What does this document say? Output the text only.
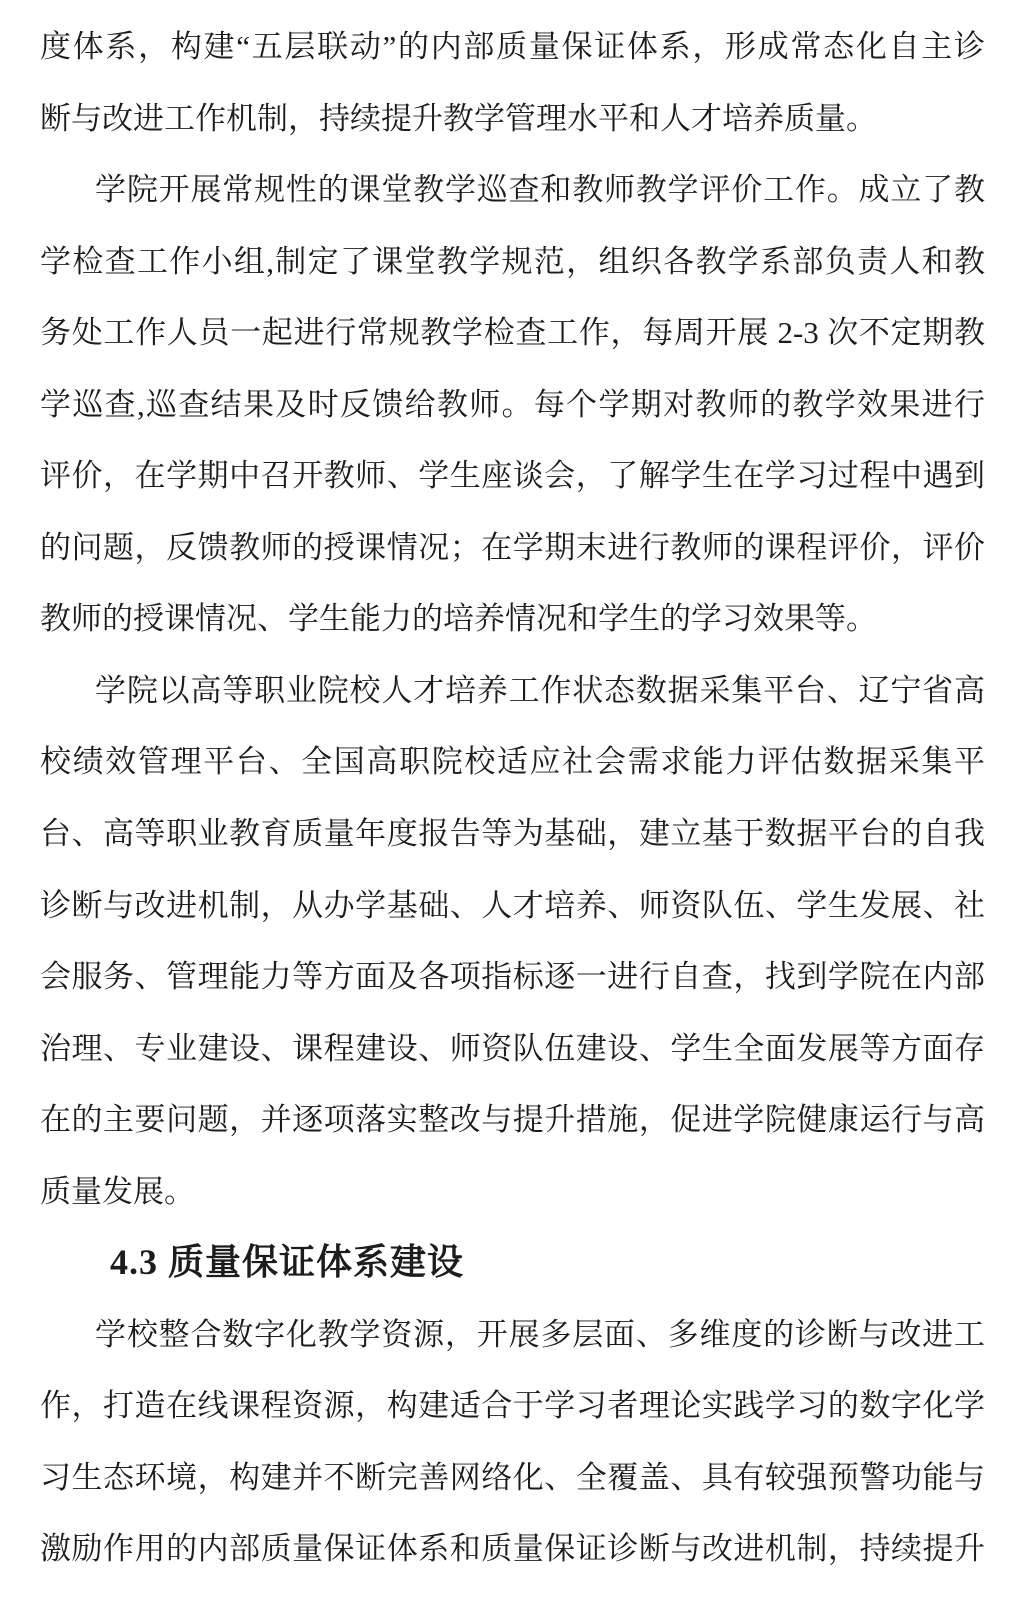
度体系，构建“五层联动”的内部质量保证体系，形成常态化自主诊
断与改进工作机制，持续提升教学管理水平和人才培养质量。
学院开展常规性的课堂教学巡查和教师教学评价工作。成立了教
学检查工作小组,制定了课堂教学规范，组织各教学系部负责人和教
务处工作人员一起进行常规教学检查工作，每周开展 2-3 次不定期教
学巡查,巡查结果及时反馈给教师。每个学期对教师的教学效果进行
评价，在学期中召开教师、学生座谈会，了解学生在学习过程中遇到
的问题，反馈教师的授课情况；在学期末进行教师的课程评价，评价
教师的授课情况、学生能力的培养情况和学生的学习效果等。
学院以高等职业院校人才培养工作状态数据采集平台、辽宁省高
校绩效管理平台、全国高职院校适应社会需求能力评估数据采集平
台、高等职业教育质量年度报告等为基础，建立基于数据平台的自我
诊断与改进机制，从办学基础、人才培养、师资队伍、学生发展、社
会服务、管理能力等方面及各项指标逐一进行自查，找到学院在内部
治理、专业建设、课程建设、师资队伍建设、学生全面发展等方面存
在的主要问题，并逐项落实整改与提升措施，促进学院健康运行与高
质量发展。
4.3 质量保证体系建设
学校整合数字化教学资源，开展多层面、多维度的诊断与改进工
作，打造在线课程资源，构建适合于学习者理论实践学习的数字化学
习生态环境，构建并不断完善网络化、全覆盖、具有较强预警功能与
激励作用的内部质量保证体系和质量保证诊断与改进机制，持续提升
